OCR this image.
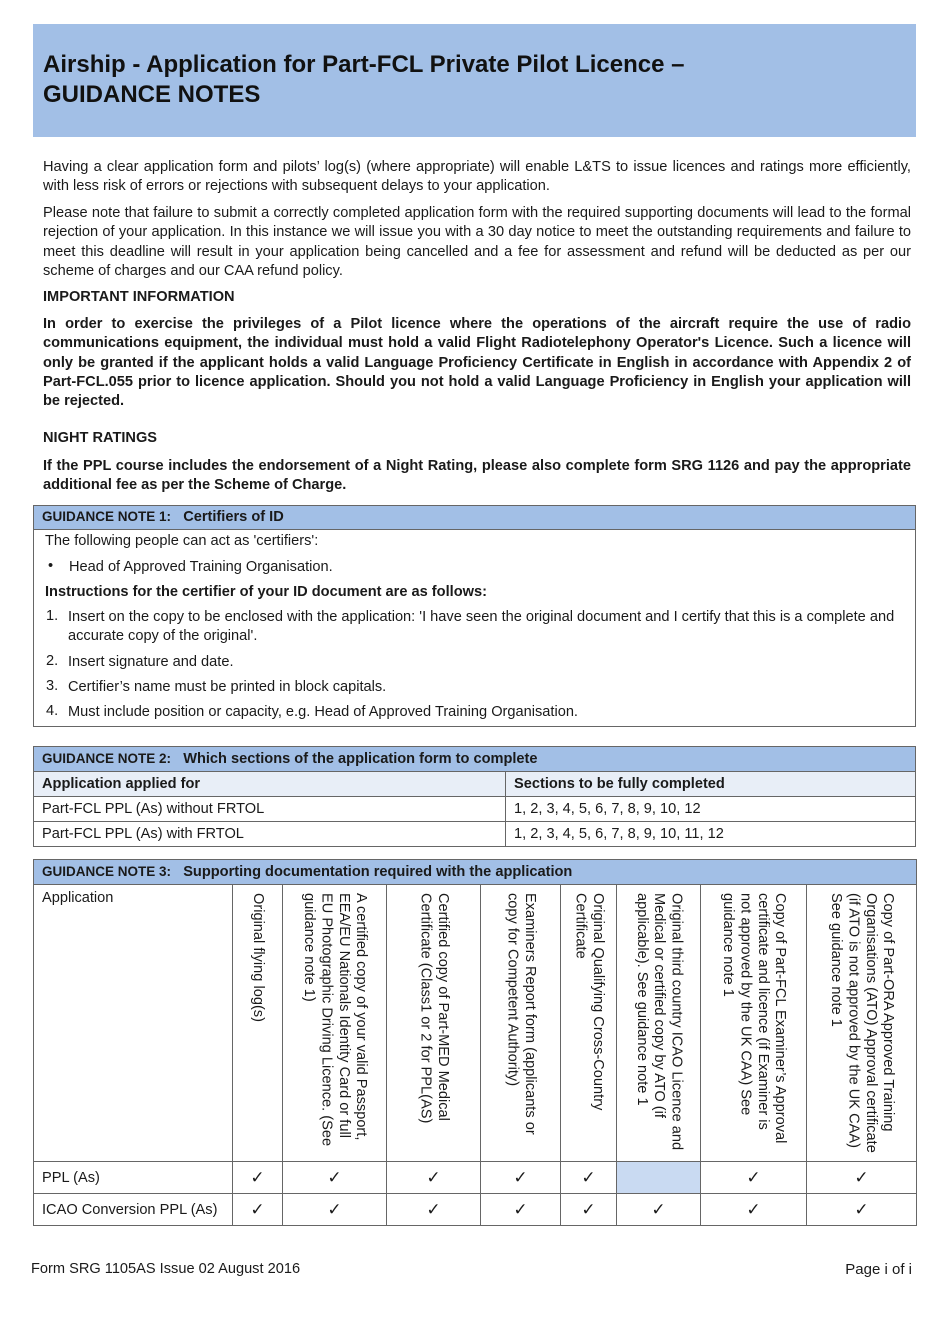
Airship - Application for Part-FCL Private Pilot Licence –
GUIDANCE NOTES

Having a clear application form and pilots’ log(s) (where appropriate) will enable L&TS to issue licences and ratings more efficiently, with less risk of errors or rejections with subsequent delays to your application.

Please note that failure to submit a correctly completed application form with the required supporting documents will lead to the formal rejection of your application. In this instance we will issue you with a 30 day notice to meet the outstanding requirements and failure to meet this deadline will result in your application being cancelled and a fee for assessment and refund will be deducted as per our scheme of charges and our CAA refund policy.

IMPORTANT INFORMATION

In order to exercise the privileges of a Pilot licence where the operations of the aircraft require the use of radio communications equipment, the individual must hold a valid Flight Radiotelephony Operator's Licence. Such a licence will only be granted if the applicant holds a valid Language Proficiency Certificate in English in accordance with Appendix 2 of Part-FCL.055 prior to licence application. Should you not hold a valid Language Proficiency in English your application will be rejected.

NIGHT RATINGS

If the PPL course includes the endorsement of a Night Rating, please also complete form SRG 1126 and pay the appropriate additional fee as per the Scheme of Charge.

GUIDANCE NOTE 1: Certifiers of ID

The following people can act as 'certifiers':

• Head of Approved Training Organisation.

Instructions for the certifier of your ID document are as follows:

1. Insert on the copy to be enclosed with the application: 'I have seen the original document and I certify that this is a complete and accurate copy of the original'.

2. Insert signature and date.

3. Certifier’s name must be printed in block capitals.

4. Must include position or capacity, e.g. Head of Approved Training Organisation.

GUIDANCE NOTE 2: Which sections of the application form to complete	
Application applied for	Sections to be fully completed
Part-FCL PPL (As) without FRTOL	1, 2, 3, 4, 5, 6, 7, 8, 9, 10, 12
Part-FCL PPL (As) with FRTOL	1, 2, 3, 4, 5, 6, 7, 8, 9, 10, 11, 12
GUIDANCE NOTE 3: Supporting documentation required with the application								
Application	Original flying log(s)	A certified copy of your valid Passport, EEA/EU Nationals Identity Card or full EU Photographic Driving Licence. (See guidance note 1)	Certified copy of Part-MED Medical Certificate (Class1 or 2 for PPL(AS)	Examiners Report form (applicants or copy for Competent Authority)	Original Qualifying Cross-Country Certificate	Original third country ICAO Licence and Medical or certified copy by ATO (if applicable). See guidance note 1	Copy of Part-FCL Examiner’s Approval certificate and licence (if Examiner is not approved by the UK CAA) See guidance note 1	Copy of Part-ORA Approved Training Organisations (ATO) Approval certificate (if ATO is not approved by the UK CAA) See guidance note 1

PPL (As)	✓	✓	✓	✓	✓		✓	✓
ICAO Conversion PPL (As)	✓	✓	✓	✓	✓	✓	✓	✓
Form SRG 1105AS Issue 02 August 2016	Page i of i
